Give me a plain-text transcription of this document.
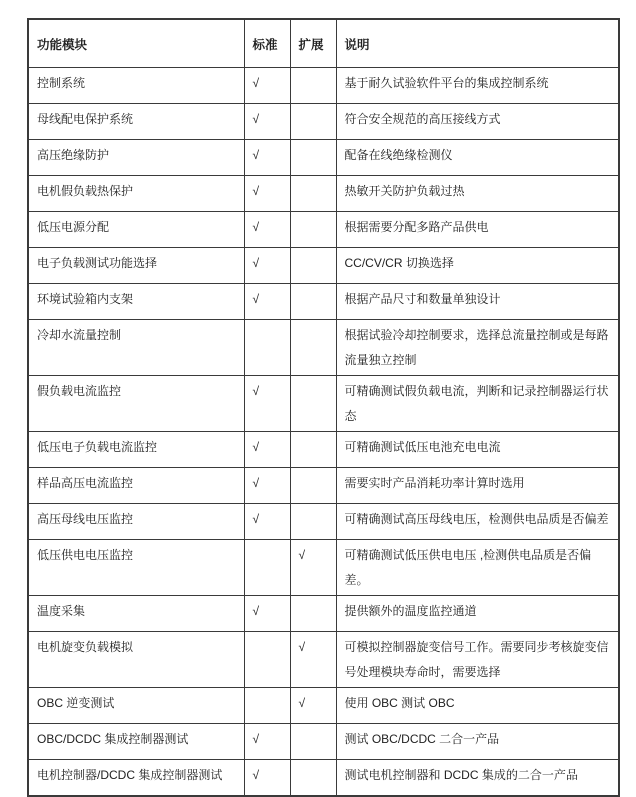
功能模块	标准	扩展	说明
控制系统	√		基于耐久试验软件平台的集成控制系统
母线配电保护系统	√		符合安全规范的高压接线方式
高压绝缘防护	√		配备在线绝缘检测仪
电机假负载热保护	√		热敏开关防护负载过热
低压电源分配	√		根据需要分配多路产品供电
电子负载测试功能选择	√		CC/CV/CR 切换选择
环境试验箱内支架	√		根据产品尺寸和数量单独设计
冷却水流量控制			根据试验冷却控制要求，选择总流量控制或是每路流量独立控制
假负载电流监控	√		可精确测试假负载电流，判断和记录控制器运行状态
低压电子负载电流监控	√		可精确测试低压电池充电电流
样品高压电流监控	√		需要实时产品消耗功率计算时选用
高压母线电压监控	√		可精确测试高压母线电压，检测供电品质是否偏差
低压供电电压监控		√	可精确测试低压供电电压 ,检测供电品质是否偏差。
温度采集	√		提供额外的温度监控通道
电机旋变负载模拟		√	可模拟控制器旋变信号工作。需要同步考核旋变信号处理模块寿命时，需要选择
OBC 逆变测试		√	使用 OBC 测试 OBC
OBC/DCDC 集成控制器测试	√		测试 OBC/DCDC 二合一产品
电机控制器/DCDC 集成控制器测试	√		测试电机控制器和 DCDC 集成的二合一产品
